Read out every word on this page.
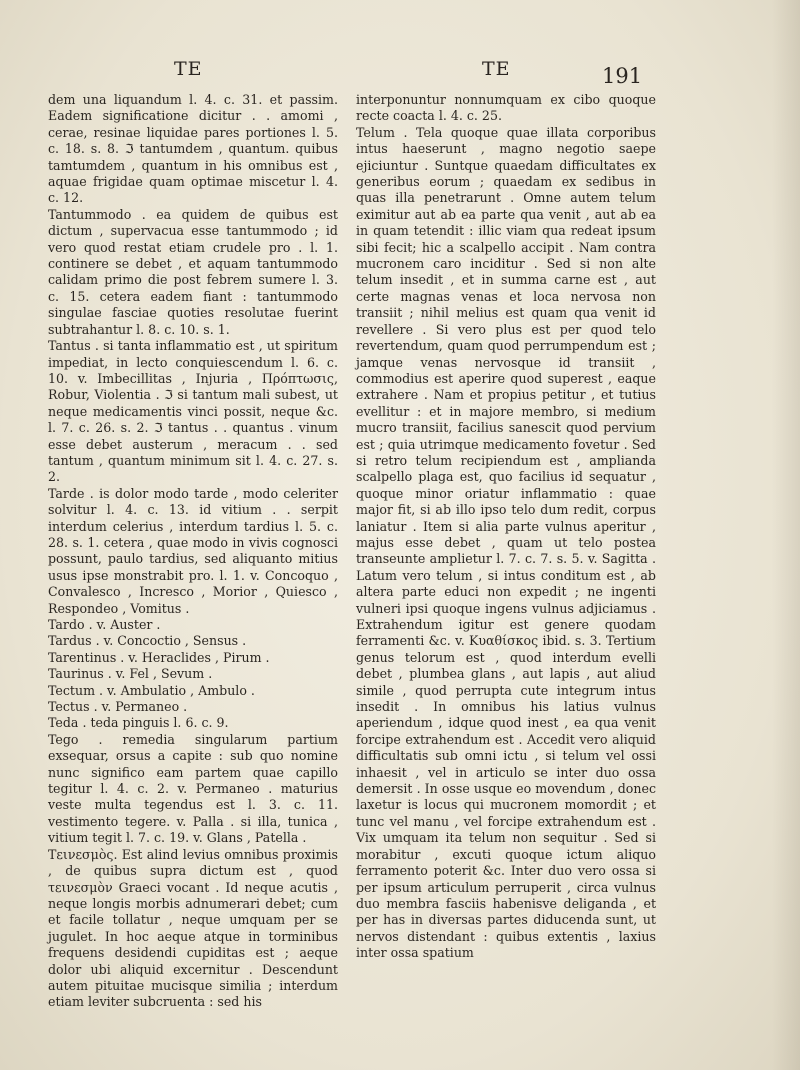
TE	TE	191

dem una liquandum l. 4. c. 31. et passim. Eadem significatione dicitur . . amomi , cerae, resinae liquidae pares portiones l. 5. c. 18. s. 8. ℑ tantumdem , quantum. quibus tamtumdem , quantum in his omnibus est , aquae frigidae quam optimae miscetur l. 4. c. 12.

Tantummodo . ea quidem de quibus est dictum , supervacua esse tantummodo ; id vero quod restat etiam crudele pro . l. 1. continere se debet , et aquam tantummodo calidam primo die post febrem sumere l. 3. c. 15. cetera eadem fiant : tantummodo singulae fasciae quoties resolutae fuerint subtrahantur l. 8. c. 10. s. 1.

Tantus . si tanta inflammatio est , ut spiritum impediat, in lecto conquiescendum l. 6. c. 10. v. Imbecillitas , Injuria , Πρόπτωσις, Robur, Violentia . ℑ si tantum mali subest, ut neque medicamentis vinci possit, neque &c. l. 7. c. 26. s. 2. ℑ tantus . . quantus . vinum esse debet austerum , meracum . . sed tantum , quantum minimum sit l. 4. c. 27. s. 2.

Tarde . is dolor modo tarde , modo celeriter solvitur l. 4. c. 13. id vitium . . serpit interdum celerius , interdum tardius l. 5. c. 28. s. 1. cetera , quae modo in vivis cognosci possunt, paulo tardius, sed aliquanto mitius usus ipse monstrabit pro. l. 1. v. Concoquo , Convalesco , Incresco , Morior , Quiesco , Respondeo , Vomitus .

Tardo . v. Auster .

Tardus . v. Concoctio , Sensus .

Tarentinus . v. Heraclides , Pirum .

Taurinus . v. Fel , Sevum .

Tectum . v. Ambulatio , Ambulo .

Tectus . v. Permaneo .

Teda . teda pinguis l. 6. c. 9.

Tego . remedia singularum partium exsequar, orsus a capite : sub quo nomine nunc significo eam partem quae capillo tegitur l. 4. c. 2. v. Permaneo . maturius veste multa tegendus est l. 3. c. 11. vestimento tegere. v. Palla . si illa, tunica , vitium tegit l. 7. c. 19. v. Glans , Patella .

Τεινεσμὸς. Est alind levius omnibus proximis , de quibus supra dictum est , quod τεινεσμὸν Graeci vocant . Id neque acutis , neque longis morbis adnumerari debet; cum et facile tollatur , neque umquam per se jugulet. In hoc aeque atque in torminibus frequens desidendi cupiditas est ; aeque dolor ubi aliquid excernitur . Descendunt autem pituitae mucisque similia ; interdum etiam leviter subcruenta : sed his

interponuntur nonnumquam ex cibo quoque recte coacta l. 4. c. 25.

Telum . Tela quoque quae illata corporibus intus haeserunt , magno negotio saepe ejiciuntur . Suntque quaedam difficultates ex generibus eorum ; quaedam ex sedibus in quas illa penetrarunt . Omne autem telum eximitur aut ab ea parte qua venit , aut ab ea in quam tetendit : illic viam qua redeat ipsum sibi fecit; hic a scalpello accipit . Nam contra mucronem caro inciditur . Sed si non alte telum insedit , et in summa carne est , aut certe magnas venas et loca nervosa non transiit ; nihil melius est quam qua venit id revellere . Si vero plus est per quod telo revertendum, quam quod perrumpendum est ; jamque venas nervosque id transiit , commodius est aperire quod superest , eaque extrahere . Nam et propius petitur , et tutius evellitur : et in majore membro, si medium mucro transiit, facilius sanescit quod pervium est ; quia utrimque medicamento fovetur . Sed si retro telum recipiendum est , amplianda scalpello plaga est, quo facilius id sequatur , quoque minor oriatur inflammatio : quae major fit, si ab illo ipso telo dum redit, corpus laniatur . Item si alia parte vulnus aperitur , majus esse debet , quam ut telo postea transeunte amplietur l. 7. c. 7. s. 5. v. Sagitta . Latum vero telum , si intus conditum est , ab altera parte educi non expedit ; ne ingenti vulneri ipsi quoque ingens vulnus adjiciamus . Extrahendum igitur est genere quodam ferramenti &c. v. Κυαθίσκος ibid. s. 3. Tertium genus telorum est , quod interdum evelli debet , plumbea glans , aut lapis , aut aliud simile , quod perrupta cute integrum intus insedit . In omnibus his latius vulnus aperiendum , idque quod inest , ea qua venit forcipe extrahendum est . Accedit vero aliquid difficultatis sub omni ictu , si telum vel ossi inhaesit , vel in articulo se inter duo ossa demersit . In osse usque eo movendum , donec laxetur is locus qui mucronem momordit ; et tunc vel manu , vel forcipe extrahendum est . Vix umquam ita telum non sequitur . Sed si morabitur , excuti quoque ictum aliquo ferramento poterit &c. Inter duo vero ossa si per ipsum articulum perruperit , circa vulnus duo membra fasciis habenisve deliganda , et per has in diversas partes diducenda sunt, ut nervos distendant : quibus extentis , laxius inter ossa spatium
